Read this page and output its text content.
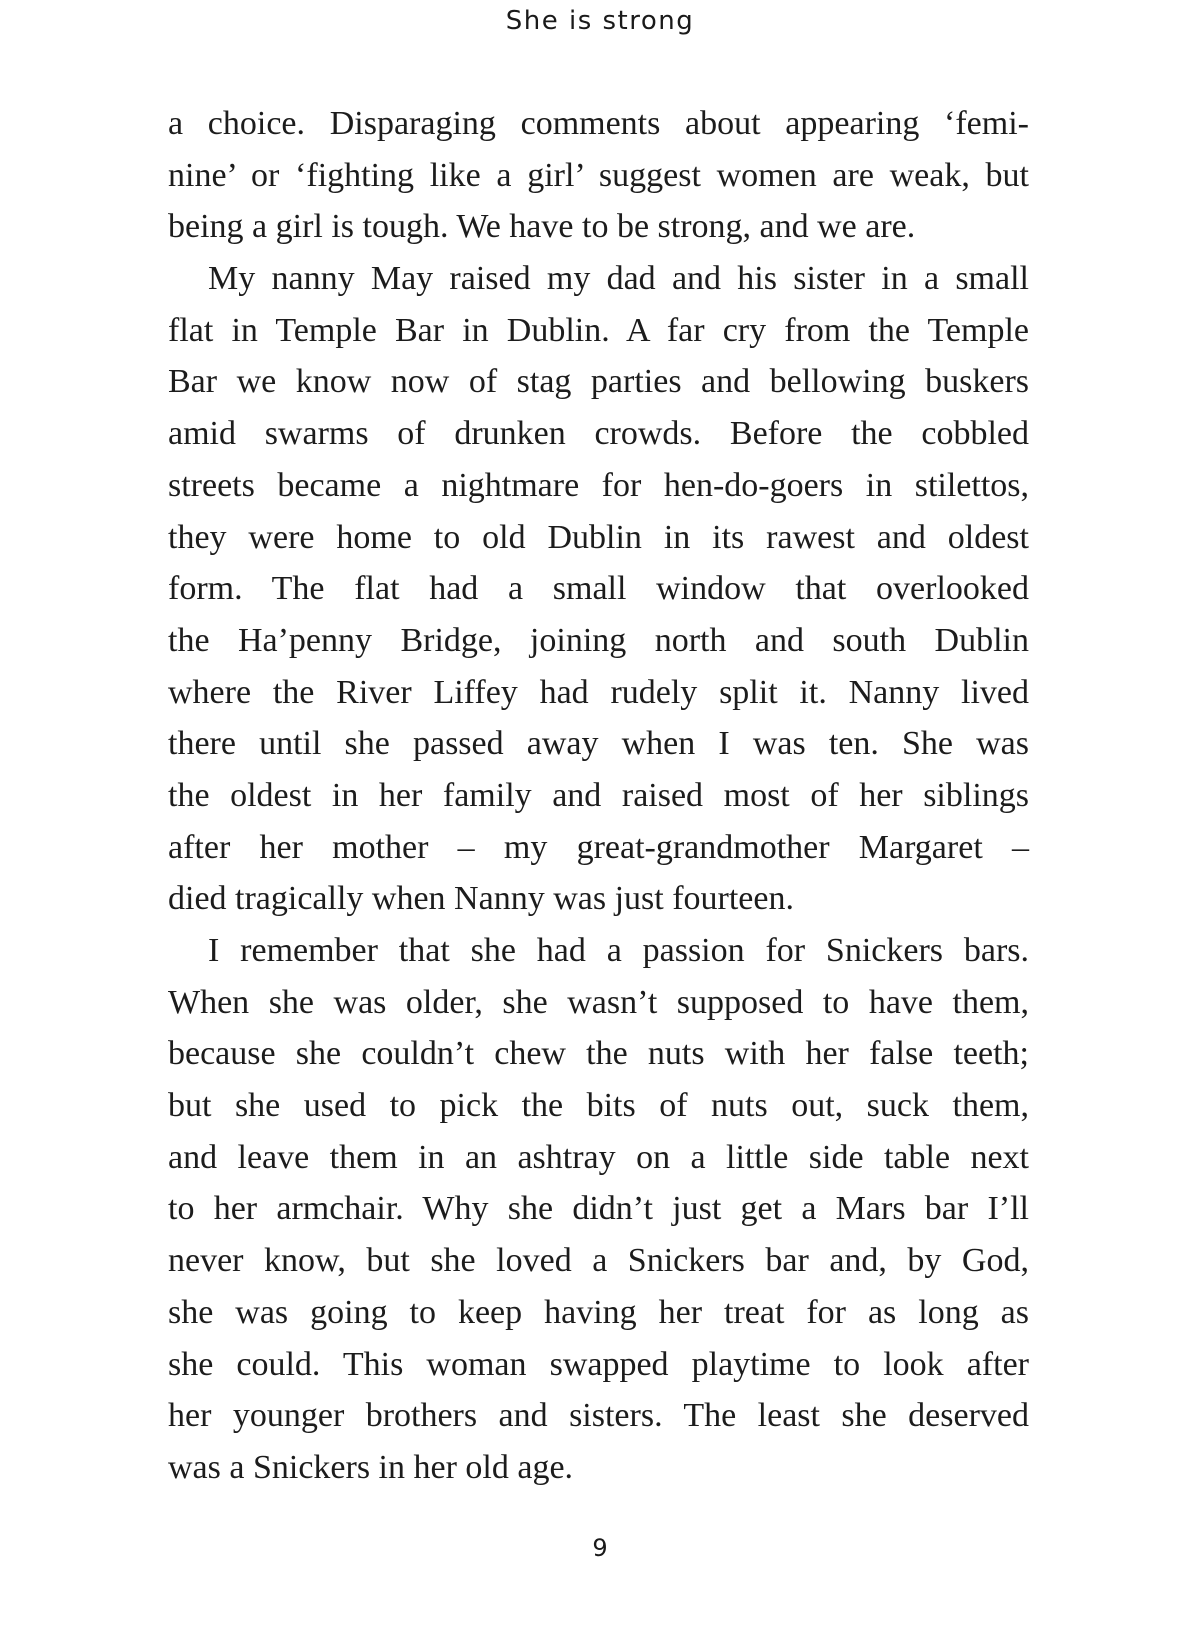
She is strong
a choice. Disparaging comments about appearing ‘femi-
nine’ or ‘fighting like a girl’ suggest women are weak, but
being a girl is tough. We have to be strong, and we are.
My nanny May raised my dad and his sister in a small
flat in Temple Bar in Dublin. A far cry from the Temple
Bar we know now of stag parties and bellowing buskers
amid swarms of drunken crowds. Before the cobbled
streets became a nightmare for hen-do-goers in stilettos,
they were home to old Dublin in its rawest and oldest
form. The flat had a small window that overlooked
the Ha’penny Bridge, joining north and south Dublin
where the River Liffey had rudely split it. Nanny lived
there until she passed away when I was ten. She was
the oldest in her family and raised most of her siblings
after her mother – my great-grandmother Margaret –
died tragically when Nanny was just fourteen.
I remember that she had a passion for Snickers bars.
When she was older, she wasn’t supposed to have them,
because she couldn’t chew the nuts with her false teeth;
but she used to pick the bits of nuts out, suck them,
and leave them in an ashtray on a little side table next
to her armchair. Why she didn’t just get a Mars bar I’ll
never know, but she loved a Snickers bar and, by God,
she was going to keep having her treat for as long as
she could. This woman swapped playtime to look after
her younger brothers and sisters. The least she deserved
was a Snickers in her old age.
9
